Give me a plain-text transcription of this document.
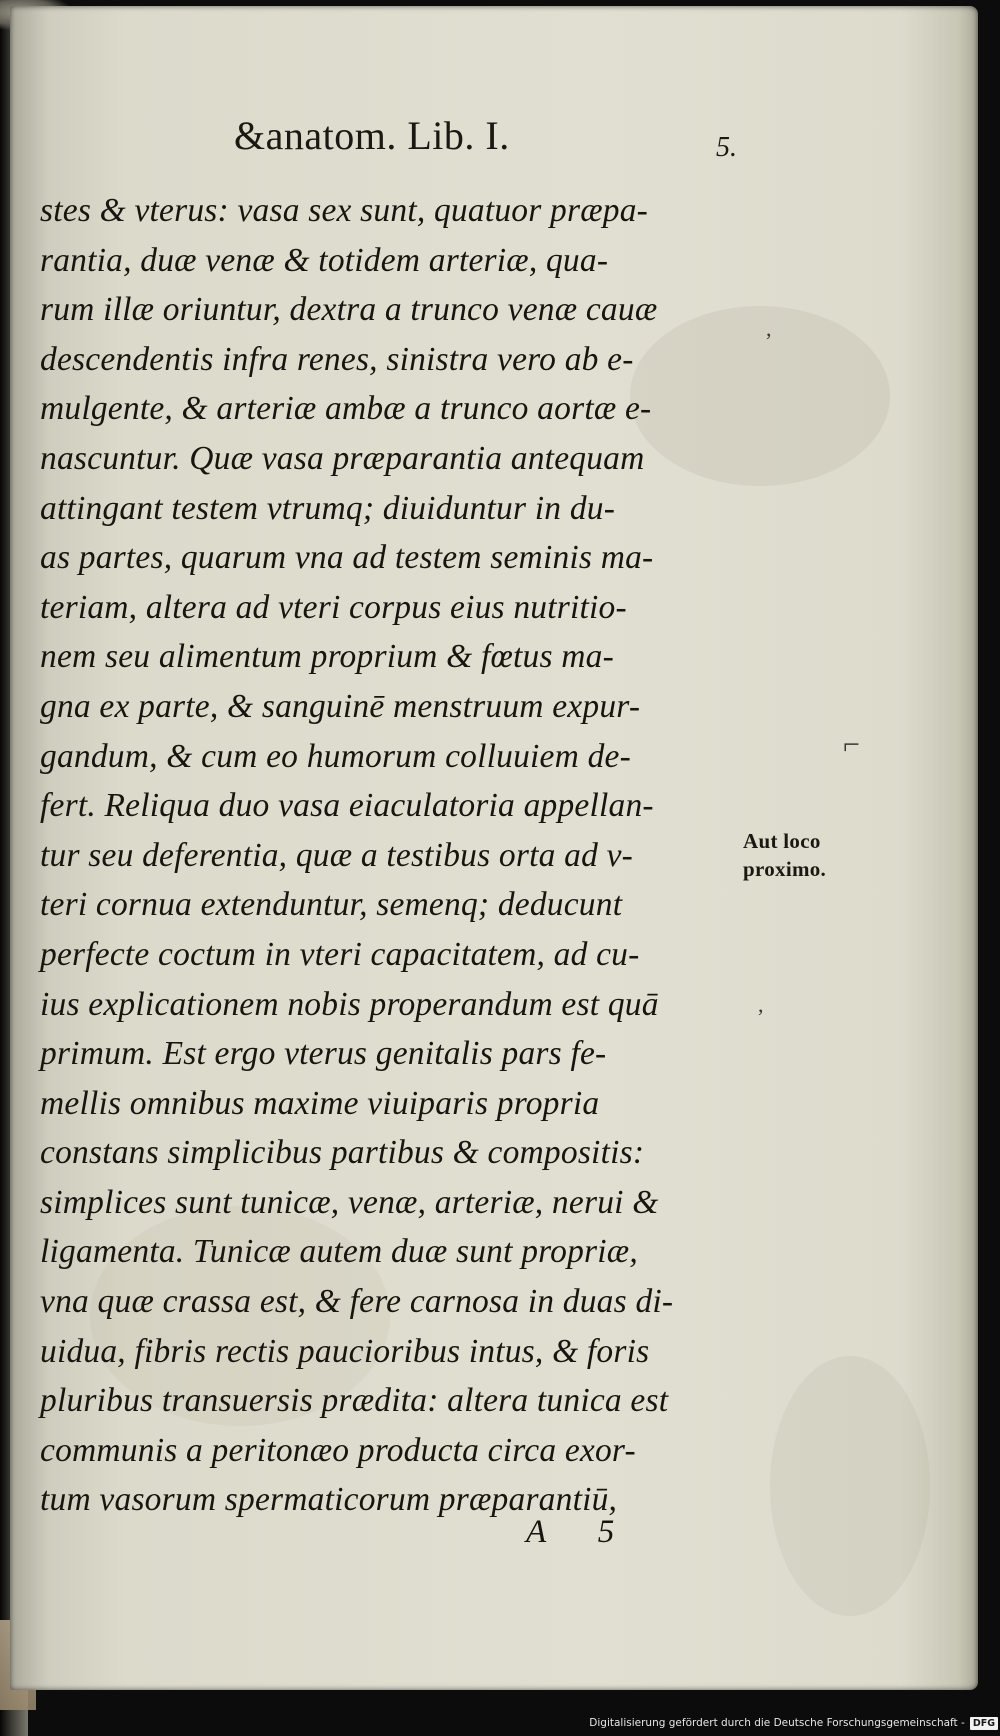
&anatom. Lib. I.	5.
stes & vterus: vasa sex sunt, quatuor præpa-
rantia, duæ venæ & totidem arteriæ, qua-
rum illæ oriuntur, dextra a trunco venæ cauæ
descendentis infra renes, sinistra vero ab e-
mulgente, & arteriæ ambæ a trunco aortæ e-
nascuntur. Quæ vasa præparantia antequam
attingant testem vtrumq; diuiduntur in du-
as partes, quarum vna ad testem seminis ma-
teriam, altera ad vteri corpus eius nutritio-
nem seu alimentum proprium & fœtus ma-
gna ex parte, & sanguinē menstruum expur-
gandum, & cum eo humorum colluuiem de-
fert. Reliqua duo vasa eiaculatoria appellan-
tur seu deferentia, quæ a testibus orta ad v-
teri cornua extenduntur, semenq; deducunt
perfecte coctum in vteri capacitatem, ad cu-
ius explicationem nobis properandum est quā
primum. Est ergo vterus genitalis pars fe-
mellis omnibus maxime viuiparis propria
constans simplicibus partibus & compositis:
simplices sunt tunicæ, venæ, arteriæ, nerui &
ligamenta. Tunicæ autem duæ sunt propriæ,
vna quæ crassa est, & fere carnosa in duas di-
uidua, fibris rectis paucioribus intus, & foris
pluribus transuersis prædita: altera tunica est
communis a peritonæo producta circa exor-
tum vasorum spermaticorum præparantiū,
Aut loco
proximo.
,
⌐
,
A 5
Digitalisierung gefördert durch die Deutsche Forschungsgemeinschaft - DFG
